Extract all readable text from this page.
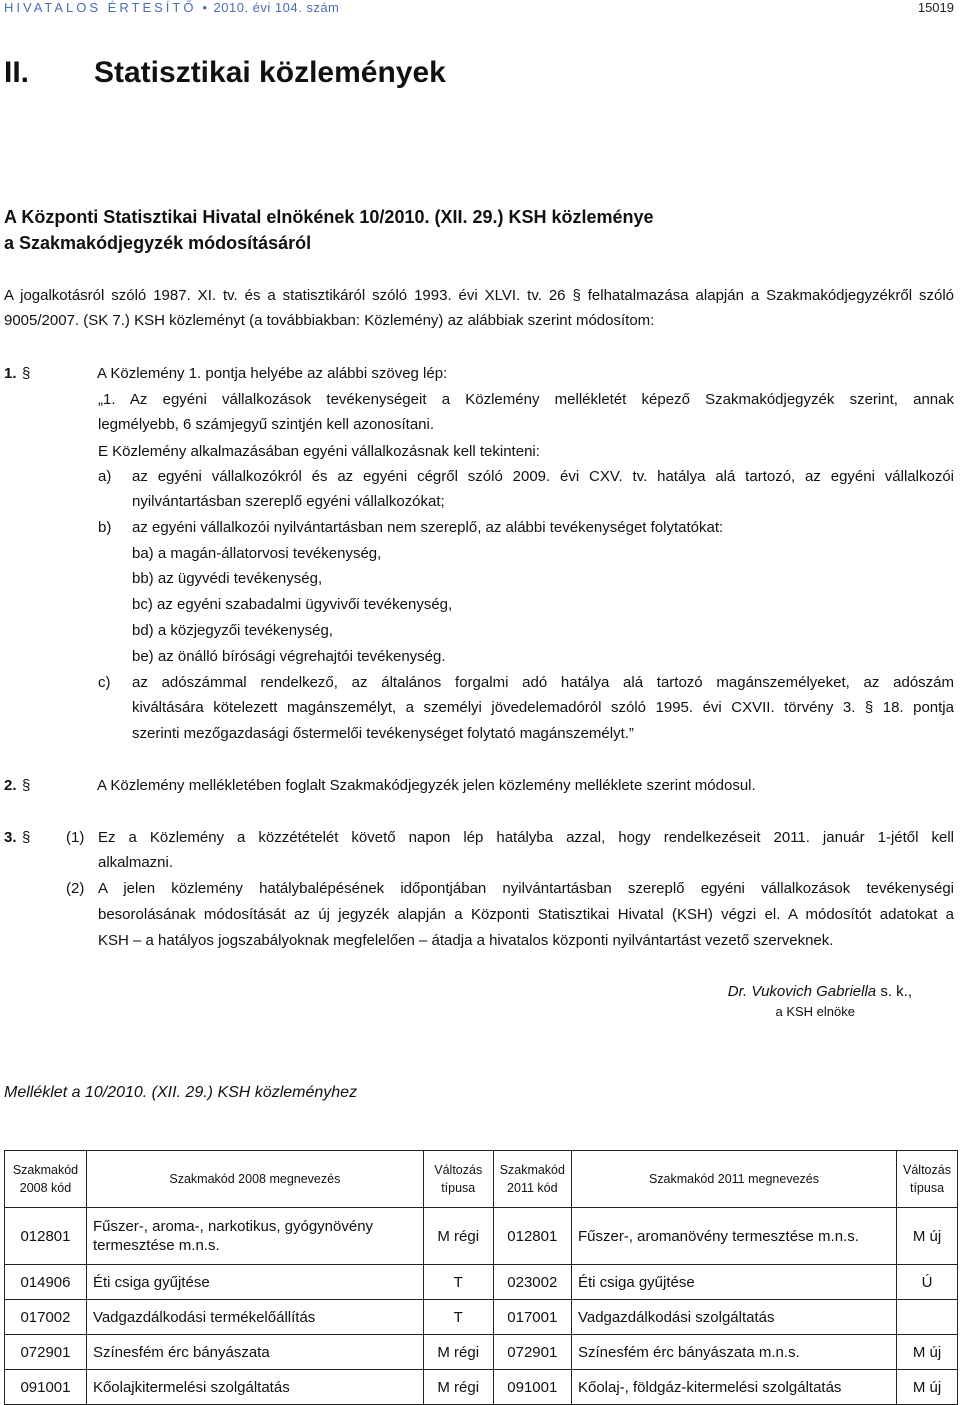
HIVATALOS ÉRTESÍTŐ • 2010. évi 104. szám	15019
II. Statisztikai közlemények
A Központi Statisztikai Hivatal elnökének 10/2010. (XII. 29.) KSH közleménye
a Szakmakódjegyzék módosításáról
A jogalkotásról szóló 1987. XI. tv. és a statisztikáról szóló 1993. évi XLVI. tv. 26 § felhatalmazása alapján a Szakmakódjegyzékről szóló
9005/2007. (SK 7.) KSH közleményt (a továbbiakban: Közlemény) az alábbiak szerint módosítom:
1. §	A Közlemény 1. pontja helyébe az alábbi szöveg lép:
„1. Az egyéni vállalkozások tevékenységeit a Közlemény mellékletét képező Szakmakódjegyzék szerint, annak
legmélyebb, 6 számjegyű szintjén kell azonosítani.
E Közlemény alkalmazásában egyéni vállalkozásnak kell tekinteni:
a) az egyéni vállalkozókról és az egyéni cégről szóló 2009. évi CXV. tv. hatálya alá tartozó, az egyéni vállalkozói
nyilvántartásban szereplő egyéni vállalkozókat;
b) az egyéni vállalkozói nyilvántartásban nem szereplő, az alábbi tevékenységet folytatókat:
ba) a magán-állatorvosi tevékenység,
bb) az ügyvédi tevékenység,
bc) az egyéni szabadalmi ügyvivői tevékenység,
bd) a közjegyzői tevékenység,
be) az önálló bírósági végrehajtói tevékenység.
c) az adószámmal rendelkező, az általános forgalmi adó hatálya alá tartozó magánszemélyeket, az adószám
kiváltására kötelezett magánszemélyt, a személyi jövedelemadóról szóló 1995. évi CXVII. törvény 3. § 18. pontja
szerinti mezőgazdasági őstermelői tevékenységet folytató magánszemélyt.”
2. §	A Közlemény mellékletében foglalt Szakmakódjegyzék jelen közlemény melléklete szerint módosul.
3. § (1) Ez a Közlemény a közzétételét követő napon lép hatályba azzal, hogy rendelkezéseit 2011. január 1-jétől kell
alkalmazni.
(2) A jelen közlemény hatálybalépésének időpontjában nyilvántartásban szereplő egyéni vállalkozások tevékenységi
besorolásának módosítását az új jegyzék alapján a Központi Statisztikai Hivatal (KSH) végzi el. A módosítót adatokat a
KSH – a hatályos jogszabályoknak megfelelően – átadja a hivatalos központi nyilvántartást vezető szerveknek.
Dr. Vukovich Gabriella s. k.,
a KSH elnöke
Melléklet a 10/2010. (XII. 29.) KSH közleményhez
Szakmakód 2008 kód	Szakmakód 2008 megnevezés	Változás típusa	Szakmakód 2011 kód	Szakmakód 2011 megnevezés	Változás típusa
012801	Fűszer-, aroma-, narkotikus, gyógynövény termesztése m.n.s.	M régi	012801	Fűszer-, aromanövény termesztése m.n.s.	M új
014906	Éti csiga gyűjtése	T	023002	Éti csiga gyűjtése	Ú
017002	Vadgazdálkodási termékelőállítás	T	017001	Vadgazdálkodási szolgáltatás	
072901	Színesfém érc bányászata	M régi	072901	Színesfém érc bányászata m.n.s.	M új
091001	Kőolajkitermelési szolgáltatás	M régi	091001	Kőolaj-, földgáz-kitermelési szolgáltatás	M új
